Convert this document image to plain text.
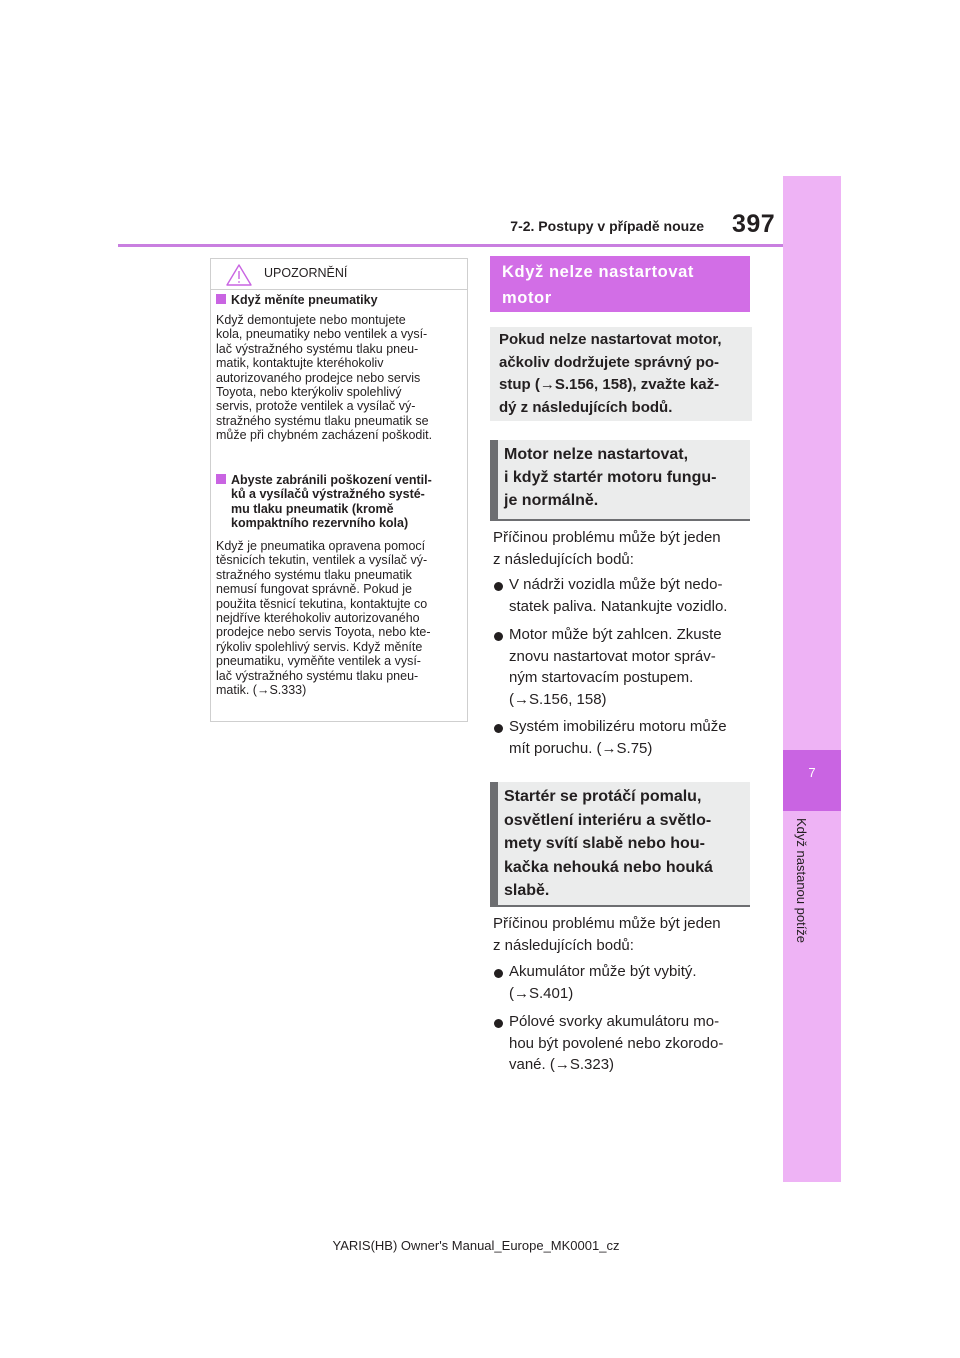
7-2. Postupy v případě nouze 397
7
Když nastanou potíže
UPOZORNĚNÍ
Když měníte pneumatiky
Když demontujete nebo montujete
kola, pneumatiky nebo ventilek a vysí-
lač výstražného systému tlaku pneu-
matik, kontaktujte kteréhokoliv
autorizovaného prodejce nebo servis
Toyota, nebo kterýkoliv spolehlivý
servis, protože ventilek a vysílač vý-
stražného systému tlaku pneumatik se
může při chybném zacházení poškodit.
Abyste zabránili poškození ventil-
ků a vysílačů výstražného systé-
mu tlaku pneumatik (kromě
kompaktního rezervního kola)
Když je pneumatika opravena pomocí
těsnicích tekutin, ventilek a vysílač vý-
stražného systému tlaku pneumatik
nemusí fungovat správně. Pokud je
použita těsnicí tekutina, kontaktujte co
nejdříve kteréhokoliv autorizovaného
prodejce nebo servis Toyota, nebo kte-
rýkoliv spolehlivý servis. Když měníte
pneumatiku, vyměňte ventilek a vysí-
lač výstražného systému tlaku pneu-
matik. (→S.333)
Když nelze nastartovat
motor
Pokud nelze nastartovat motor,
ačkoliv dodržujete správný po-
stup (→S.156, 158), zvažte kaž-
dý z následujících bodů.
Motor nelze nastartovat,
i když startér motoru fungu-
je normálně.
Příčinou problému může být jeden
z následujících bodů:
V nádrži vozidla může být nedo-
statek paliva. Natankujte vozidlo.
Motor může být zahlcen. Zkuste
znovu nastartovat motor správ-
ným startovacím postupem.
(→S.156, 158)
Systém imobilizéru motoru může
mít poruchu. (→S.75)
Startér se protáčí pomalu,
osvětlení interiéru a světlo-
mety svítí slabě nebo hou-
kačka nehouká nebo houká
slabě.
Příčinou problému může být jeden
z následujících bodů:
Akumulátor může být vybitý.
(→S.401)
Pólové svorky akumulátoru mo-
hou být povolené nebo zkorodo-
vané. (→S.323)
YARIS(HB) Owner's Manual_Europe_MK0001_cz
